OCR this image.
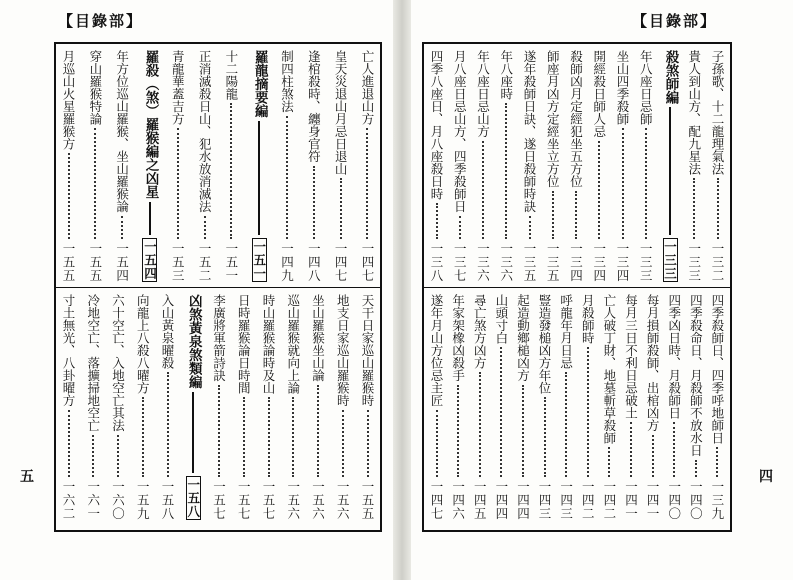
【目錄部】	【目錄部】
五	四
亡人進退山方
一四七
皇天災退山月忌日退山
一四七
逢棺殺時、纏身官符
一四八
制四柱煞法
一四九
羅龍摘要編
一五一
十二陽龍
一五一
正消滅殺日山、犯水放消滅法
一五二
青龍華蓋吉方
一五三
羅殺（煞）羅猴編之凶星
一五四
年方位巡山羅猴、坐山羅猴論
一五四
穿山羅猴特論
一五五
月巡山火星羅猴方
一五五
天干日家巡山羅猴時
一五五
地支日家巡山羅猴時
一五六
坐山羅猴坐山論
一五六
巡山羅猴就向上論
一五六
時山羅猴論時及山
一五七
日時羅猴論日時間
一五七
李廣將軍箭詩訣
一五七
凶煞黃泉煞類編
一五八
入山黃泉曜殺
一五八
向龍上八殺八曜方
一五九
六十空亡、入地空亡其法
一六〇
冷地空亡、落擴掃地空亡
一六一
寸土無光、八卦曜方
一六二
子孫歌、十二龍理氣法
一三二
貴人到山方、配九星法
一三三
殺煞師編
一三三
年八座日忌師
一三三
坐山四季殺師
一三四
開經殺日師人忌
一三四
殺師凶月定經犯坐五方位
一三四
師座月凶方定經坐立方位
一三五
遂年殺師日訣、遂日殺師時訣
一三五
年八座時
一三六
年八座日忌山方
一三六
月八座日忌山方、四季殺師日
一三七
四季八座日、月八座殺日時
一三八
四季殺師日、四季呼地師日
一三九
四季殺命日、月殺師不放水日
一四〇
四季凶日時、月殺師日
一四〇
每月損師殺師、出棺凶方
一四一
每月三日不利日忌破土
一四一
亡人破丁財、地墓斬草殺師
一四二
月殺師時
一四二
呼龍年月日忌
一四三
豎造發槌凶方年位
一四三
起造動鄉槌凶方
一四四
山頭寸白
一四四
尋亡煞方凶方
一四五
年家架橡凶殺手
一四六
遂年月山方位忌主匠
一四七
